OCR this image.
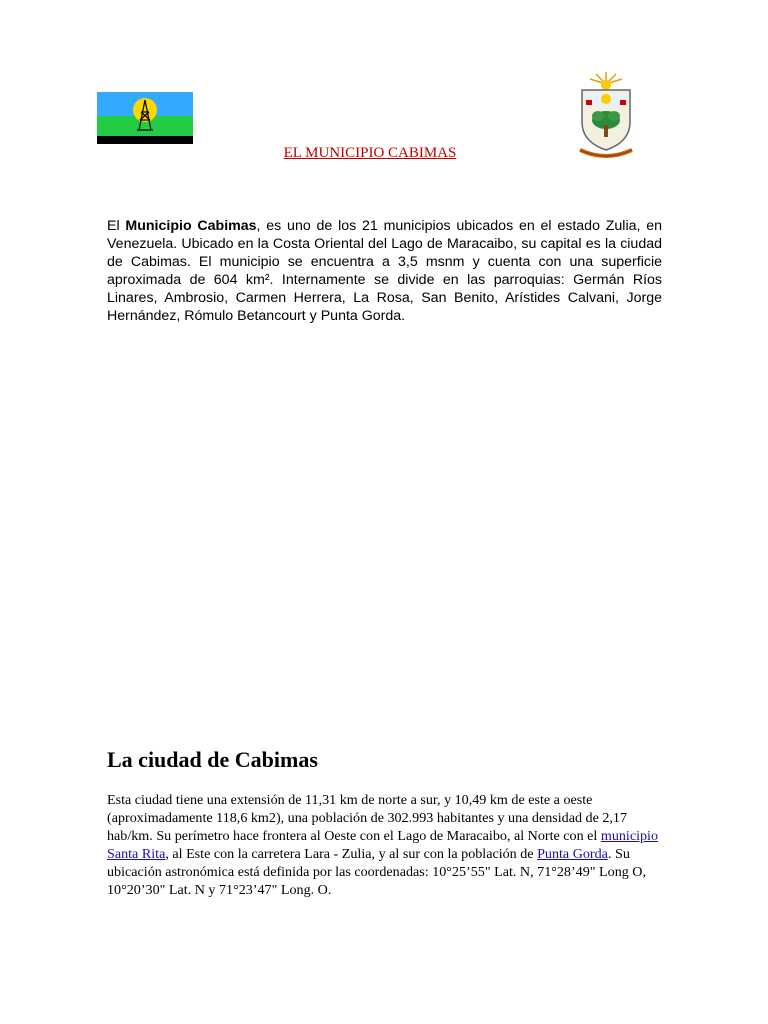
EL MUNICIPIO CABIMAS

El Municipio Cabimas, es uno de los 21 municipios ubicados en el estado Zulia, en Venezuela. Ubicado en la Costa Oriental del Lago de Maracaibo, su capital es la ciudad de Cabimas. El municipio se encuentra a 3,5 msnm y cuenta con una superficie aproximada de 604 km². Internamente se divide en las parroquias: Germán Ríos Linares, Ambrosio, Carmen Herrera, La Rosa, San Benito, Arístides Calvani, Jorge Hernández, Rómulo Betancourt y Punta Gorda.

La ciudad de Cabimas

Esta ciudad tiene una extensión de 11,31 km de norte a sur, y 10,49 km de este a oeste (aproximadamente 118,6 km2), una población de 302.993 habitantes y una densidad de 2,17 hab/km. Su perímetro hace frontera al Oeste con el Lago de Maracaibo, al Norte con el municipio Santa Rita, al Este con la carretera Lara - Zulia, y al sur con la población de Punta Gorda. Su ubicación astronómica está definida por las coordenadas: 10°25’55" Lat. N, 71°28’49" Long O, 10°20’30" Lat. N y 71°23’47" Long. O.
